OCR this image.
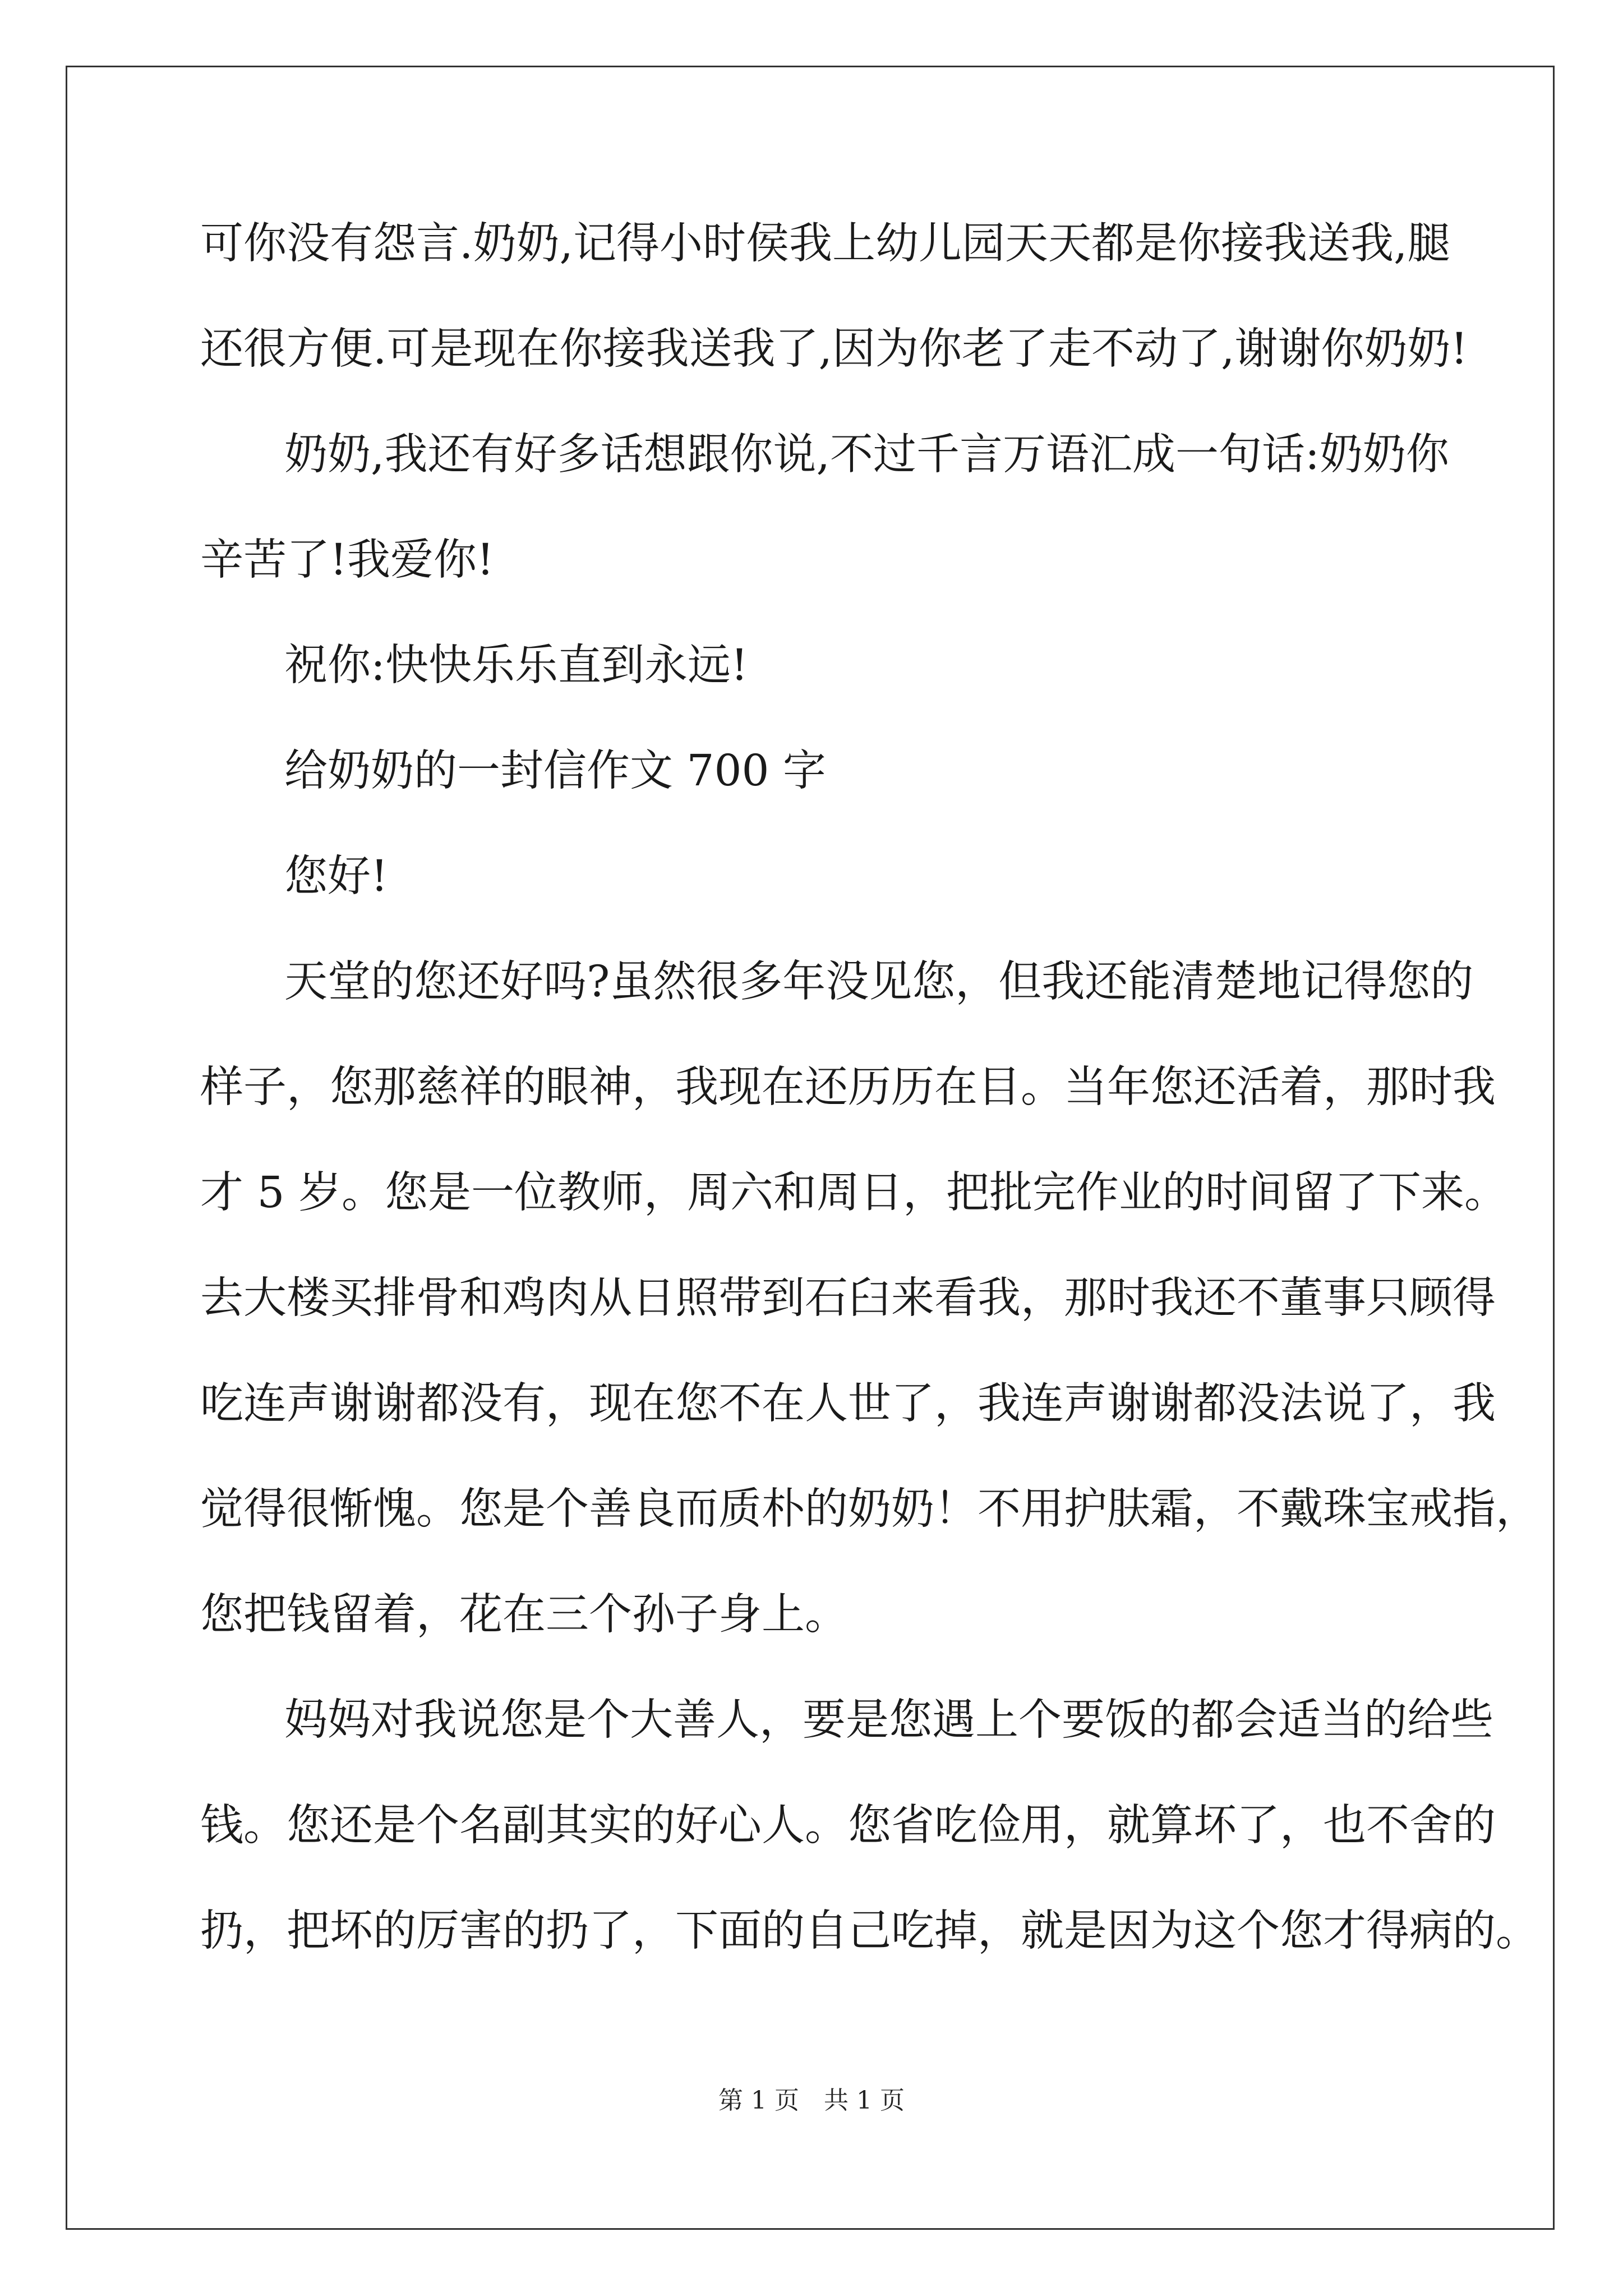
可你没有怨言.奶奶,记得小时侯我上幼儿园天天都是你接我送我,腿
还很方便.可是现在你接我送我了,因为你老了走不动了,谢谢你奶奶!
奶奶,我还有好多话想跟你说,不过千言万语汇成一句话:奶奶你
辛苦了!我爱你!
祝你:快快乐乐直到永远!
给奶奶的一封信作文 700 字
您好!
天堂的您还好吗?虽然很多年没见您，但我还能清楚地记得您的
样子，您那慈祥的眼神，我现在还历历在目。当年您还活着，那时我
才 5 岁。您是一位教师，周六和周日，把批完作业的时间留了下来。
去大楼买排骨和鸡肉从日照带到石臼来看我，那时我还不董事只顾得
吃连声谢谢都没有，现在您不在人世了，我连声谢谢都没法说了，我
觉得很惭愧。您是个善良而质朴的奶奶！不用护肤霜，不戴珠宝戒指，
您把钱留着，花在三个孙子身上。
妈妈对我说您是个大善人，要是您遇上个要饭的都会适当的给些
钱。您还是个名副其实的好心人。您省吃俭用，就算坏了，也不舍的
扔，把坏的厉害的扔了，下面的自己吃掉，就是因为这个您才得病的。
第 1 页　共 1 页
